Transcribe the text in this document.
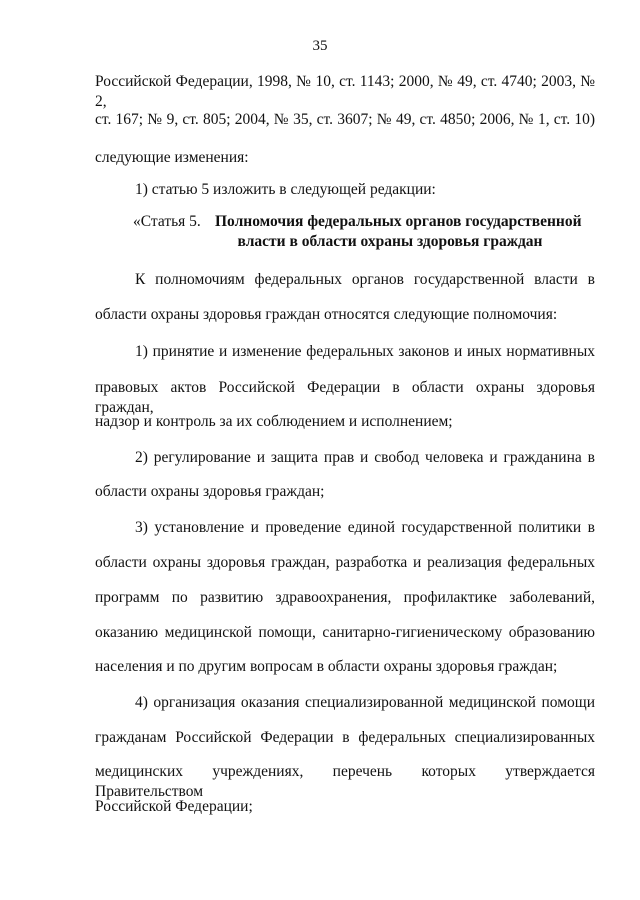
35
Российской Федерации, 1998, № 10, ст. 1143; 2000, № 49, ст. 4740; 2003, № 2,
ст. 167; № 9, ст. 805; 2004, № 35, ст. 3607; № 49, ст. 4850; 2006, № 1, ст. 10)
следующие изменения:
1) статью 5 изложить в следующей редакции:
«Статья 5. Полномочия федеральных органов государственной
власти в области охраны здоровья граждан
К полномочиям федеральных органов государственной власти в
области охраны здоровья граждан относятся следующие полномочия:
1) принятие и изменение федеральных законов и иных нормативных
правовых актов Российской Федерации в области охраны здоровья граждан,
надзор и контроль за их соблюдением и исполнением;
2) регулирование и защита прав и свобод человека и гражданина в
области охраны здоровья граждан;
3) установление и проведение единой государственной политики в
области охраны здоровья граждан, разработка и реализация федеральных
программ по развитию здравоохранения, профилактике заболеваний,
оказанию медицинской помощи, санитарно-гигиеническому образованию
населения и по другим вопросам в области охраны здоровья граждан;
4) организация оказания специализированной медицинской помощи
гражданам Российской Федерации в федеральных специализированных
медицинских учреждениях, перечень которых утверждается Правительством
Российской Федерации;
